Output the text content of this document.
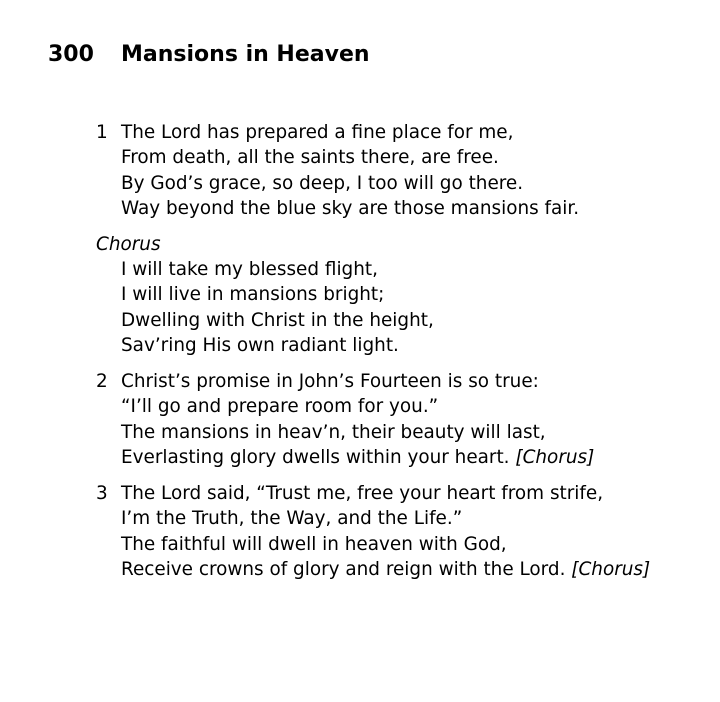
300	Mansions in Heaven
1 The Lord has prepared a fine place for me,
From death, all the saints there, are free.
By God’s grace, so deep, I too will go there.
Way beyond the blue sky are those mansions fair.
Chorus
I will take my blessed flight,
I will live in mansions bright;
Dwelling with Christ in the height,
Sav’ring His own radiant light.
2 Christ’s promise in John’s Fourteen is so true:
“I’ll go and prepare room for you.”
The mansions in heav’n, their beauty will last,
Everlasting glory dwells within your heart. [Chorus]
3 The Lord said, “Trust me, free your heart from strife,
I’m the Truth, the Way, and the Life.”
The faithful will dwell in heaven with God,
Receive crowns of glory and reign with the Lord. [Chorus]
